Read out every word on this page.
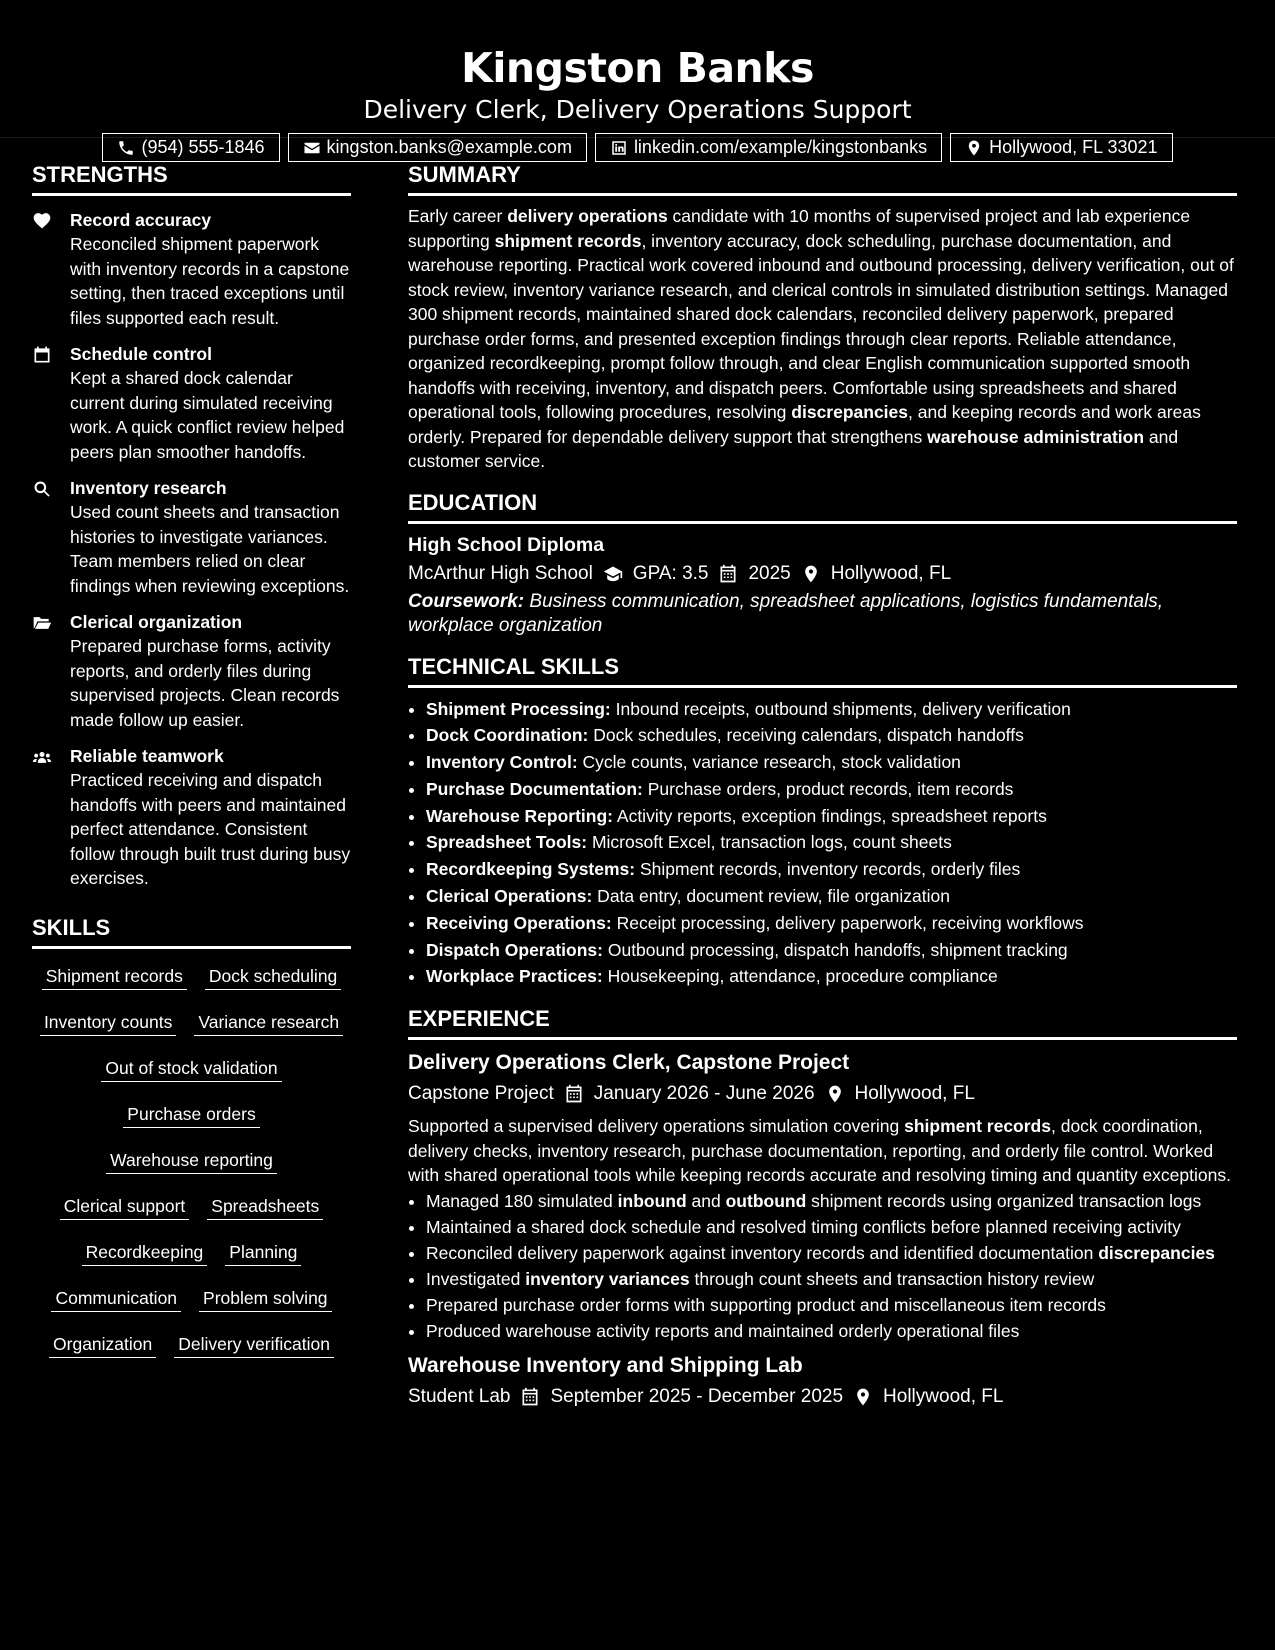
Kingston Banks
Delivery Clerk, Delivery Operations Support
(954) 555-1846	kingston.banks@example.com	linkedin.com/example/kingstonbanks	Hollywood, FL 33021
STRENGTHS
Record accuracy
Reconciled shipment paperwork with inventory records in a capstone setting, then traced exceptions until files supported each result.
Schedule control
Kept a shared dock calendar current during simulated receiving work. A quick conflict review helped peers plan smoother handoffs.
Inventory research
Used count sheets and transaction histories to investigate variances. Team members relied on clear findings when reviewing exceptions.
Clerical organization
Prepared purchase forms, activity reports, and orderly files during supervised projects. Clean records made follow up easier.
Reliable teamwork
Practiced receiving and dispatch handoffs with peers and maintained perfect attendance. Consistent follow through built trust during busy exercises.
SKILLS
Shipment records Dock scheduling
Inventory counts Variance research
Out of stock validation
Purchase orders
Warehouse reporting
Clerical support Spreadsheets
Recordkeeping Planning
Communication Problem solving
Organization Delivery verification
SUMMARY

Early career delivery operations candidate with 10 months of supervised project and lab experience supporting shipment records, inventory accuracy, dock scheduling, purchase documentation, and warehouse reporting. Practical work covered inbound and outbound processing, delivery verification, out of stock review, inventory variance research, and clerical controls in simulated distribution settings. Managed 300 shipment records, maintained shared dock calendars, reconciled delivery paperwork, prepared purchase order forms, and presented exception findings through clear reports. Reliable attendance, organized recordkeeping, prompt follow through, and clear English communication supported smooth handoffs with receiving, inventory, and dispatch peers. Comfortable using spreadsheets and shared operational tools, following procedures, resolving discrepancies, and keeping records and work areas orderly. Prepared for dependable delivery support that strengthens warehouse administration and customer service.

EDUCATION
High School Diploma
McArthur High School GPA: 3.5 2025 Hollywood, FL
Coursework: Business communication, spreadsheet applications, logistics fundamentals, workplace organization
TECHNICAL SKILLS
• Shipment Processing: Inbound receipts, outbound shipments, delivery verification
• Dock Coordination: Dock schedules, receiving calendars, dispatch handoffs
• Inventory Control: Cycle counts, variance research, stock validation
• Purchase Documentation: Purchase orders, product records, item records
• Warehouse Reporting: Activity reports, exception findings, spreadsheet reports
• Spreadsheet Tools: Microsoft Excel, transaction logs, count sheets
• Recordkeeping Systems: Shipment records, inventory records, orderly files
• Clerical Operations: Data entry, document review, file organization
• Receiving Operations: Receipt processing, delivery paperwork, receiving workflows
• Dispatch Operations: Outbound processing, dispatch handoffs, shipment tracking
• Workplace Practices: Housekeeping, attendance, procedure compliance
EXPERIENCE
Delivery Operations Clerk, Capstone Project
Capstone Project January 2026 - June 2026 Hollywood, FL

Supported a supervised delivery operations simulation covering shipment records, dock coordination, delivery checks, inventory research, purchase documentation, reporting, and orderly file control. Worked with shared operational tools while keeping records accurate and resolving timing and quantity exceptions.

• Managed 180 simulated inbound and outbound shipment records using organized transaction logs
• Maintained a shared dock schedule and resolved timing conflicts before planned receiving activity
• Reconciled delivery paperwork against inventory records and identified documentation discrepancies
• Investigated inventory variances through count sheets and transaction history review
• Prepared purchase order forms with supporting product and miscellaneous item records
• Produced warehouse activity reports and maintained orderly operational files
Warehouse Inventory and Shipping Lab
Student Lab September 2025 - December 2025 Hollywood, FL
